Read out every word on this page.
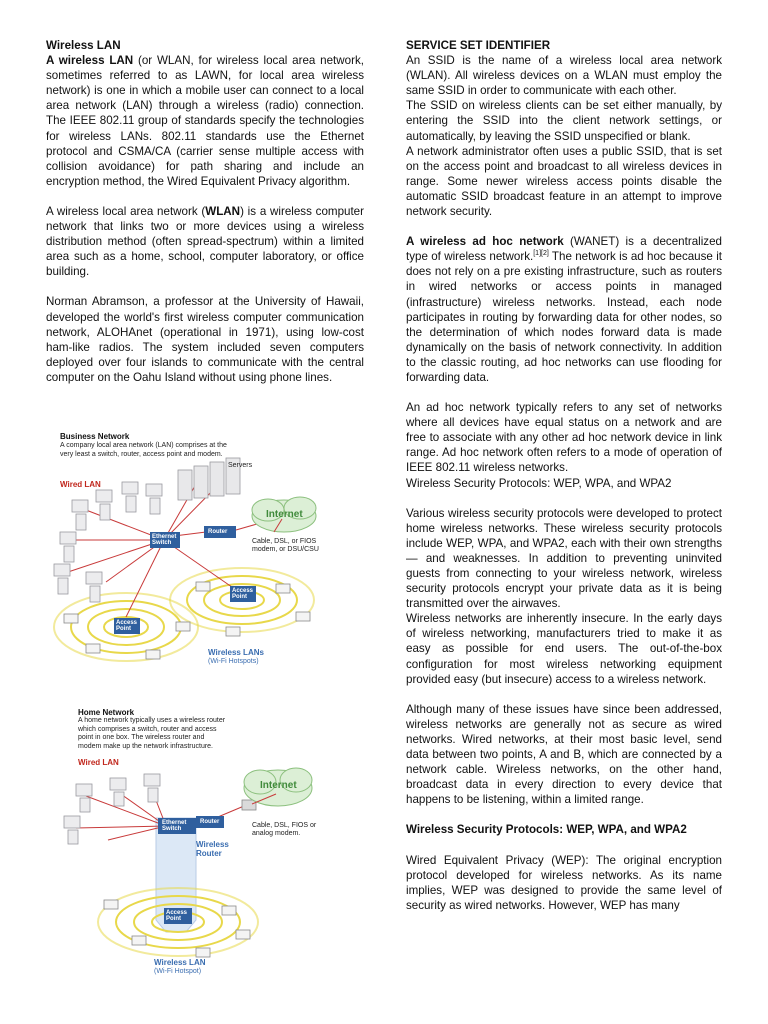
Wireless LAN

A wireless LAN (or WLAN, for wireless local area network, sometimes referred to as LAWN, for local area wireless network) is one in which a mobile user can connect to a local area network (LAN) through a wireless (radio) connection. The IEEE 802.11 group of standards specify the technologies for wireless LANs. 802.11 standards use the Ethernet protocol and CSMA/CA (carrier sense multiple access with collision avoidance) for path sharing and include an encryption method, the Wired Equivalent Privacy algorithm.

A wireless local area network (WLAN) is a wireless computer network that links two or more devices using a wireless distribution method (often spread-spectrum) within a limited area such as a home, school, computer laboratory, or office building.

Norman Abramson, a professor at the University of Hawaii, developed the world's first wireless computer communication network, ALOHAnet (operational in 1971), using low-cost ham-like radios. The system included seven computers deployed over four islands to communicate with the central computer on the Oahu Island without using phone lines.

Business Network
A company local area network (LAN) comprises at the very least a switch, router, access point and modem.
Wired LAN
Servers
Internet
Ethernet Switch
Router
Cable, DSL, or FIOS modem, or DSU/CSU
Access Point
Access Point
Wireless LANs
(Wi-Fi Hotspots)
Home Network
A home network typically uses a wireless router which comprises a switch, router and access point in one box. The wireless router and modem make up the network infrastructure.
Wired LAN
Internet
Ethernet Switch
Router	Cable, DSL, FIOS or analog modem.
Wireless Router
Access Point
Wireless LAN
(Wi-Fi Hotspot)

SERVICE SET IDENTIFIER

An SSID is the name of a wireless local area network (WLAN). All wireless devices on a WLAN must employ the same SSID in order to communicate with each other.

The SSID on wireless clients can be set either manually, by entering the SSID into the client network settings, or automatically, by leaving the SSID unspecified or blank.

A network administrator often uses a public SSID, that is set on the access point and broadcast to all wireless devices in range. Some newer wireless access points disable the automatic SSID broadcast feature in an attempt to improve network security.

A wireless ad hoc network (WANET) is a decentralized type of wireless network.[1][2] The network is ad hoc because it does not rely on a pre existing infrastructure, such as routers in wired networks or access points in managed (infrastructure) wireless networks. Instead, each node participates in routing by forwarding data for other nodes, so the determination of which nodes forward data is made dynamically on the basis of network connectivity. In addition to the classic routing, ad hoc networks can use flooding for forwarding data.

An ad hoc network typically refers to any set of networks where all devices have equal status on a network and are free to associate with any other ad hoc network device in link range. Ad hoc network often refers to a mode of operation of IEEE 802.11 wireless networks.

Wireless Security Protocols: WEP, WPA, and WPA2

Various wireless security protocols were developed to protect home wireless networks. These wireless security protocols include WEP, WPA, and WPA2, each with their own strengths — and weaknesses. In addition to preventing uninvited guests from connecting to your wireless network, wireless security protocols encrypt your private data as it is being transmitted over the airwaves.

Wireless networks are inherently insecure. In the early days of wireless networking, manufacturers tried to make it as easy as possible for end users. The out-of-the-box configuration for most wireless networking equipment provided easy (but insecure) access to a wireless network.

Although many of these issues have since been addressed, wireless networks are generally not as secure as wired networks. Wired networks, at their most basic level, send data between two points, A and B, which are connected by a network cable. Wireless networks, on the other hand, broadcast data in every direction to every device that happens to be listening, within a limited range.

Wireless Security Protocols: WEP, WPA, and WPA2

Wired Equivalent Privacy (WEP): The original encryption protocol developed for wireless networks. As its name implies, WEP was designed to provide the same level of security as wired networks. However, WEP has many
